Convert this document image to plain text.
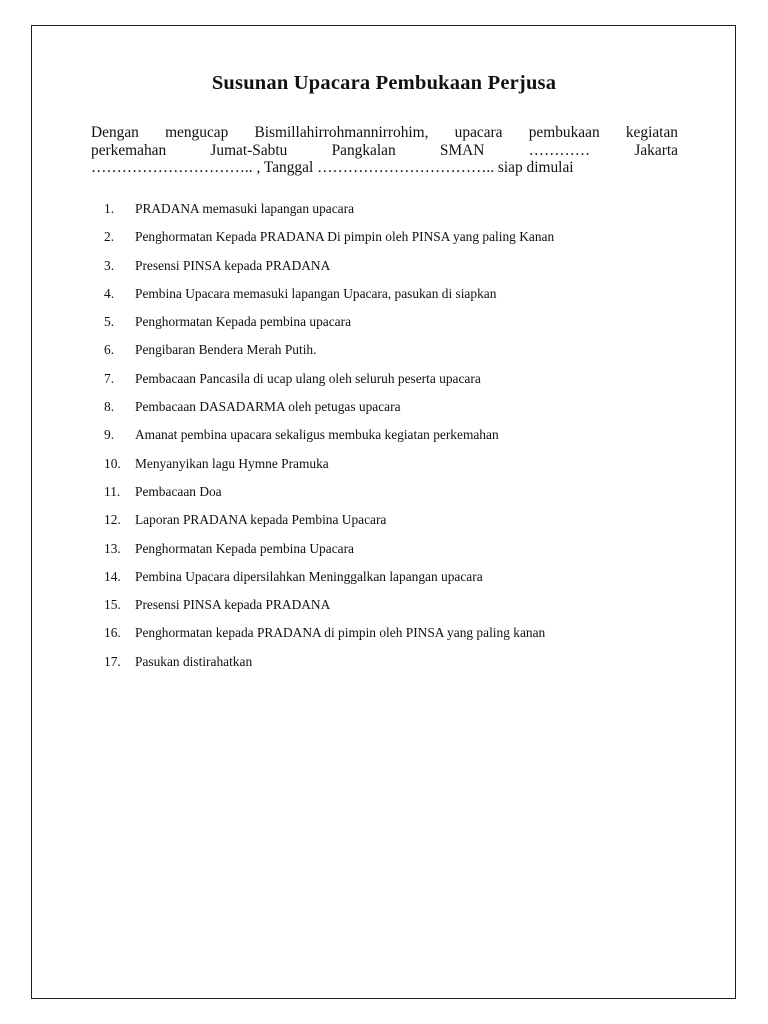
Susunan Upacara Pembukaan Perjusa
Dengan mengucap Bismillahirrohmannirrohim, upacara pembukaan kegiatan
perkemahan	Jumat-Sabtu	Pangkalan	SMAN	…………	Jakarta
………………………….. , Tanggal …………………………….. siap dimulai
1. PRADANA memasuki lapangan upacara
2. Penghormatan Kepada PRADANA Di pimpin oleh PINSA yang paling Kanan
3. Presensi PINSA kepada PRADANA
4. Pembina Upacara memasuki lapangan Upacara, pasukan di siapkan
5. Penghormatan Kepada pembina upacara
6. Pengibaran Bendera Merah Putih.
7. Pembacaan Pancasila di ucap ulang oleh seluruh peserta upacara
8. Pembacaan DASADARMA oleh petugas upacara
9. Amanat pembina upacara sekaligus membuka kegiatan perkemahan
10. Menyanyikan lagu Hymne Pramuka
11. Pembacaan Doa
12. Laporan PRADANA kepada Pembina Upacara
13. Penghormatan Kepada pembina Upacara
14. Pembina Upacara dipersilahkan Meninggalkan lapangan upacara
15. Presensi PINSA kepada PRADANA
16. Penghormatan kepada PRADANA di pimpin oleh PINSA yang paling kanan
17. Pasukan distirahatkan
